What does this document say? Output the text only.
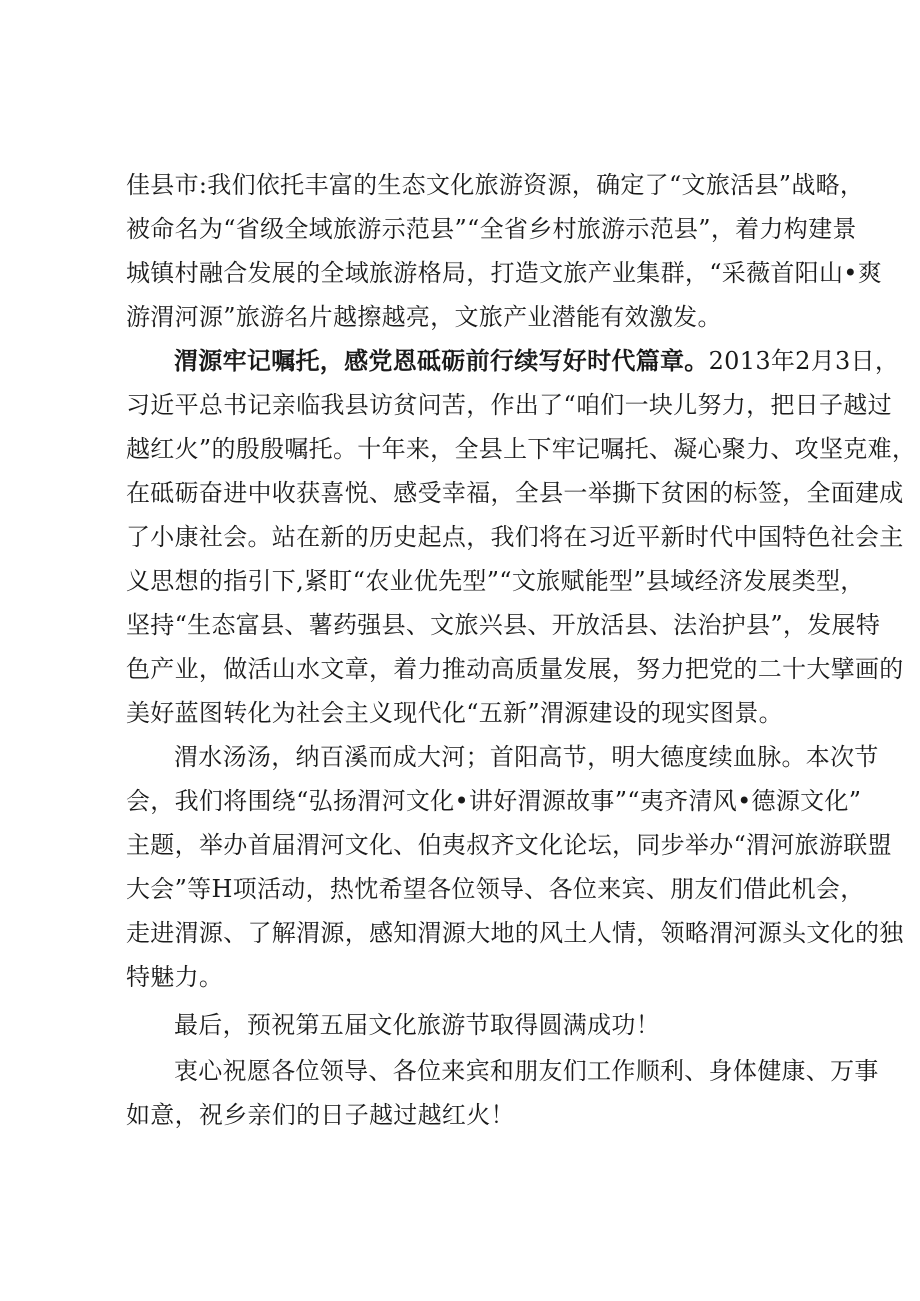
佳县市:我们依托丰富的生态文化旅游资源，确定了“文旅活县”战略，
被命名为“省级全域旅游示范县”“全省乡村旅游示范县”，着力构建景
城镇村融合发展的全域旅游格局，打造文旅产业集群，“采薇首阳山•爽
游渭河源”旅游名片越擦越亮，文旅产业潜能有效激发。
渭源牢记嘱托，感党恩砥砺前行续写好时代篇章。2013年2月3日，
习近平总书记亲临我县访贫问苦，作出了“咱们一块儿努力，把日子越过
越红火”的殷殷嘱托。十年来，全县上下牢记嘱托、凝心聚力、攻坚克难，
在砥砺奋进中收获喜悦、感受幸福，全县一举撕下贫困的标签，全面建成
了小康社会。站在新的历史起点，我们将在习近平新时代中国特色社会主
义思想的指引下,紧盯“农业优先型”“文旅赋能型”县域经济发展类型，
坚持“生态富县、薯药强县、文旅兴县、开放活县、法治护县”，发展特
色产业，做活山水文章，着力推动高质量发展，努力把党的二十大擘画的
美好蓝图转化为社会主义现代化“五新”渭源建设的现实图景。
渭水汤汤，纳百溪而成大河；首阳高节，明大德度续血脉。本次节
会，我们将围绕“弘扬渭河文化•讲好渭源故事”“夷齐清风•德源文化”
主题，举办首届渭河文化、伯夷叔齐文化论坛，同步举办“渭河旅游联盟
大会”等H项活动，热忱希望各位领导、各位来宾、朋友们借此机会，
走进渭源、了解渭源，感知渭源大地的风土人情，领略渭河源头文化的独
特魅力。
最后，预祝第五届文化旅游节取得圆满成功！
衷心祝愿各位领导、各位来宾和朋友们工作顺利、身体健康、万事
如意，祝乡亲们的日子越过越红火！
